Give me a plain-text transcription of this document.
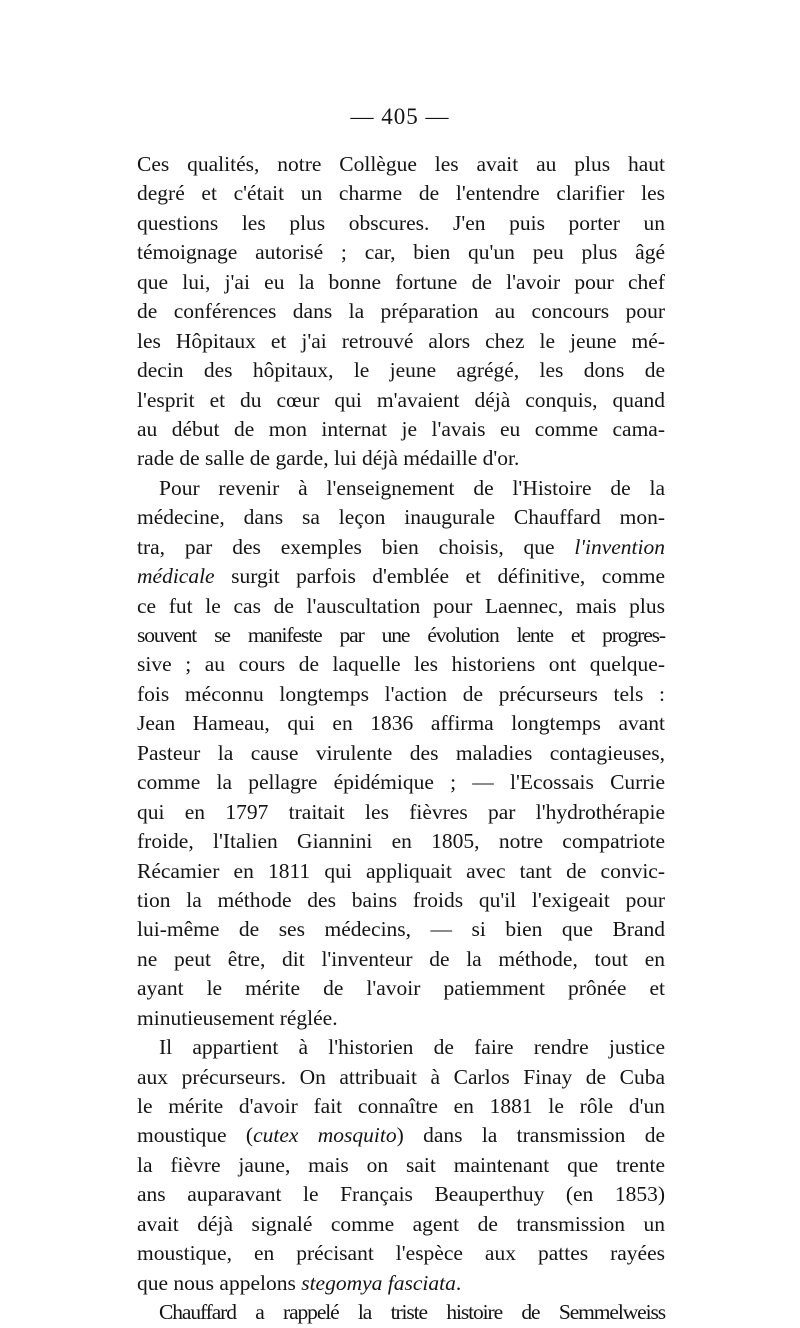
— 405 —
Ces qualités, notre Collègue les avait au plus haut
degré et c'était un charme de l'entendre clarifier les
questions les plus obscures. J'en puis porter un
témoignage autorisé ; car, bien qu'un peu plus âgé
que lui, j'ai eu la bonne fortune de l'avoir pour chef
de conférences dans la préparation au concours pour
les Hôpitaux et j'ai retrouvé alors chez le jeune mé-
decin des hôpitaux, le jeune agrégé, les dons de
l'esprit et du cœur qui m'avaient déjà conquis, quand
au début de mon internat je l'avais eu comme cama-
rade de salle de garde, lui déjà médaille d'or.
Pour revenir à l'enseignement de l'Histoire de la
médecine, dans sa leçon inaugurale Chauffard mon-
tra, par des exemples bien choisis, que l'invention
médicale surgit parfois d'emblée et définitive, comme
ce fut le cas de l'auscultation pour Laennec, mais plus
souvent se manifeste par une évolution lente et progres-
sive ; au cours de laquelle les historiens ont quelque-
fois méconnu longtemps l'action de précurseurs tels :
Jean Hameau, qui en 1836 affirma longtemps avant
Pasteur la cause virulente des maladies contagieuses,
comme la pellagre épidémique ; — l'Ecossais Currie
qui en 1797 traitait les fièvres par l'hydrothérapie
froide, l'Italien Giannini en 1805, notre compatriote
Récamier en 1811 qui appliquait avec tant de convic-
tion la méthode des bains froids qu'il l'exigeait pour
lui-même de ses médecins, — si bien que Brand
ne peut être, dit l'inventeur de la méthode, tout en
ayant le mérite de l'avoir patiemment prônée et
minutieusement réglée.
Il appartient à l'historien de faire rendre justice
aux précurseurs. On attribuait à Carlos Finay de Cuba
le mérite d'avoir fait connaître en 1881 le rôle d'un
moustique (cutex mosquito) dans la transmission de
la fièvre jaune, mais on sait maintenant que trente
ans auparavant le Français Beauperthuy (en 1853)
avait déjà signalé comme agent de transmission un
moustique, en précisant l'espèce aux pattes rayées
que nous appelons stegomya fasciata.
Chauffard a rappelé la triste histoire de Semmelweiss
